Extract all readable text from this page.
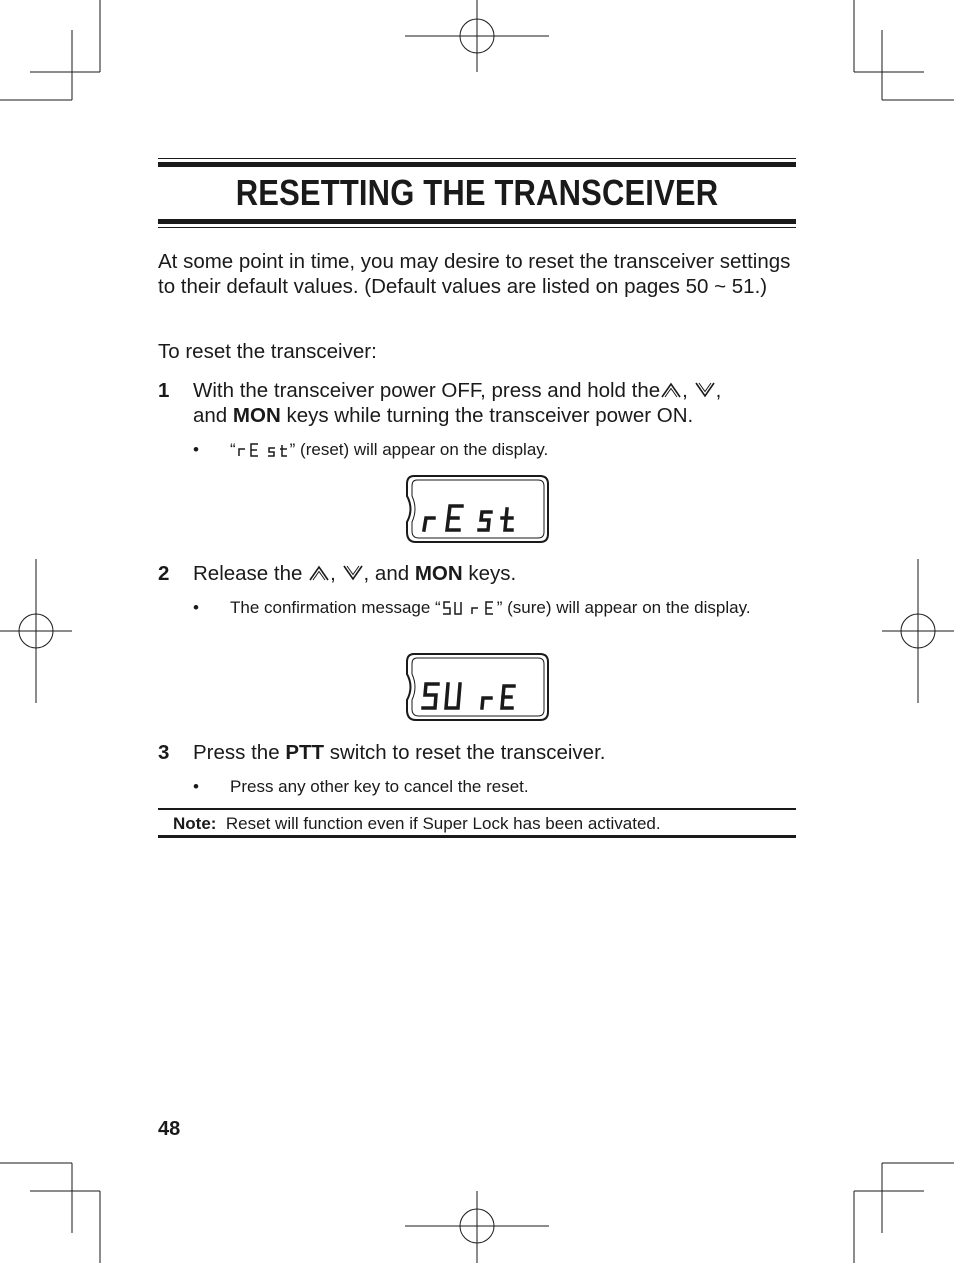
RESETTING THE TRANSCEIVER

At some point in time, you may desire to reset the transceiver settings to their default values. (Default values are listed on pages 50 ~ 51.)

To reset the transceiver:

1 With the transceiver power OFF, press and hold the , ,
and MON keys while turning the transceiver power ON.
• “	” (reset) will appear on the display.
2 Release the , , and MON keys.
• The confirmation message “	” (sure) will appear on the display.
3 Press the PTT switch to reset the transceiver.
• Press any other key to cancel the reset.
Note: Reset will function even if Super Lock has been activated.
48
